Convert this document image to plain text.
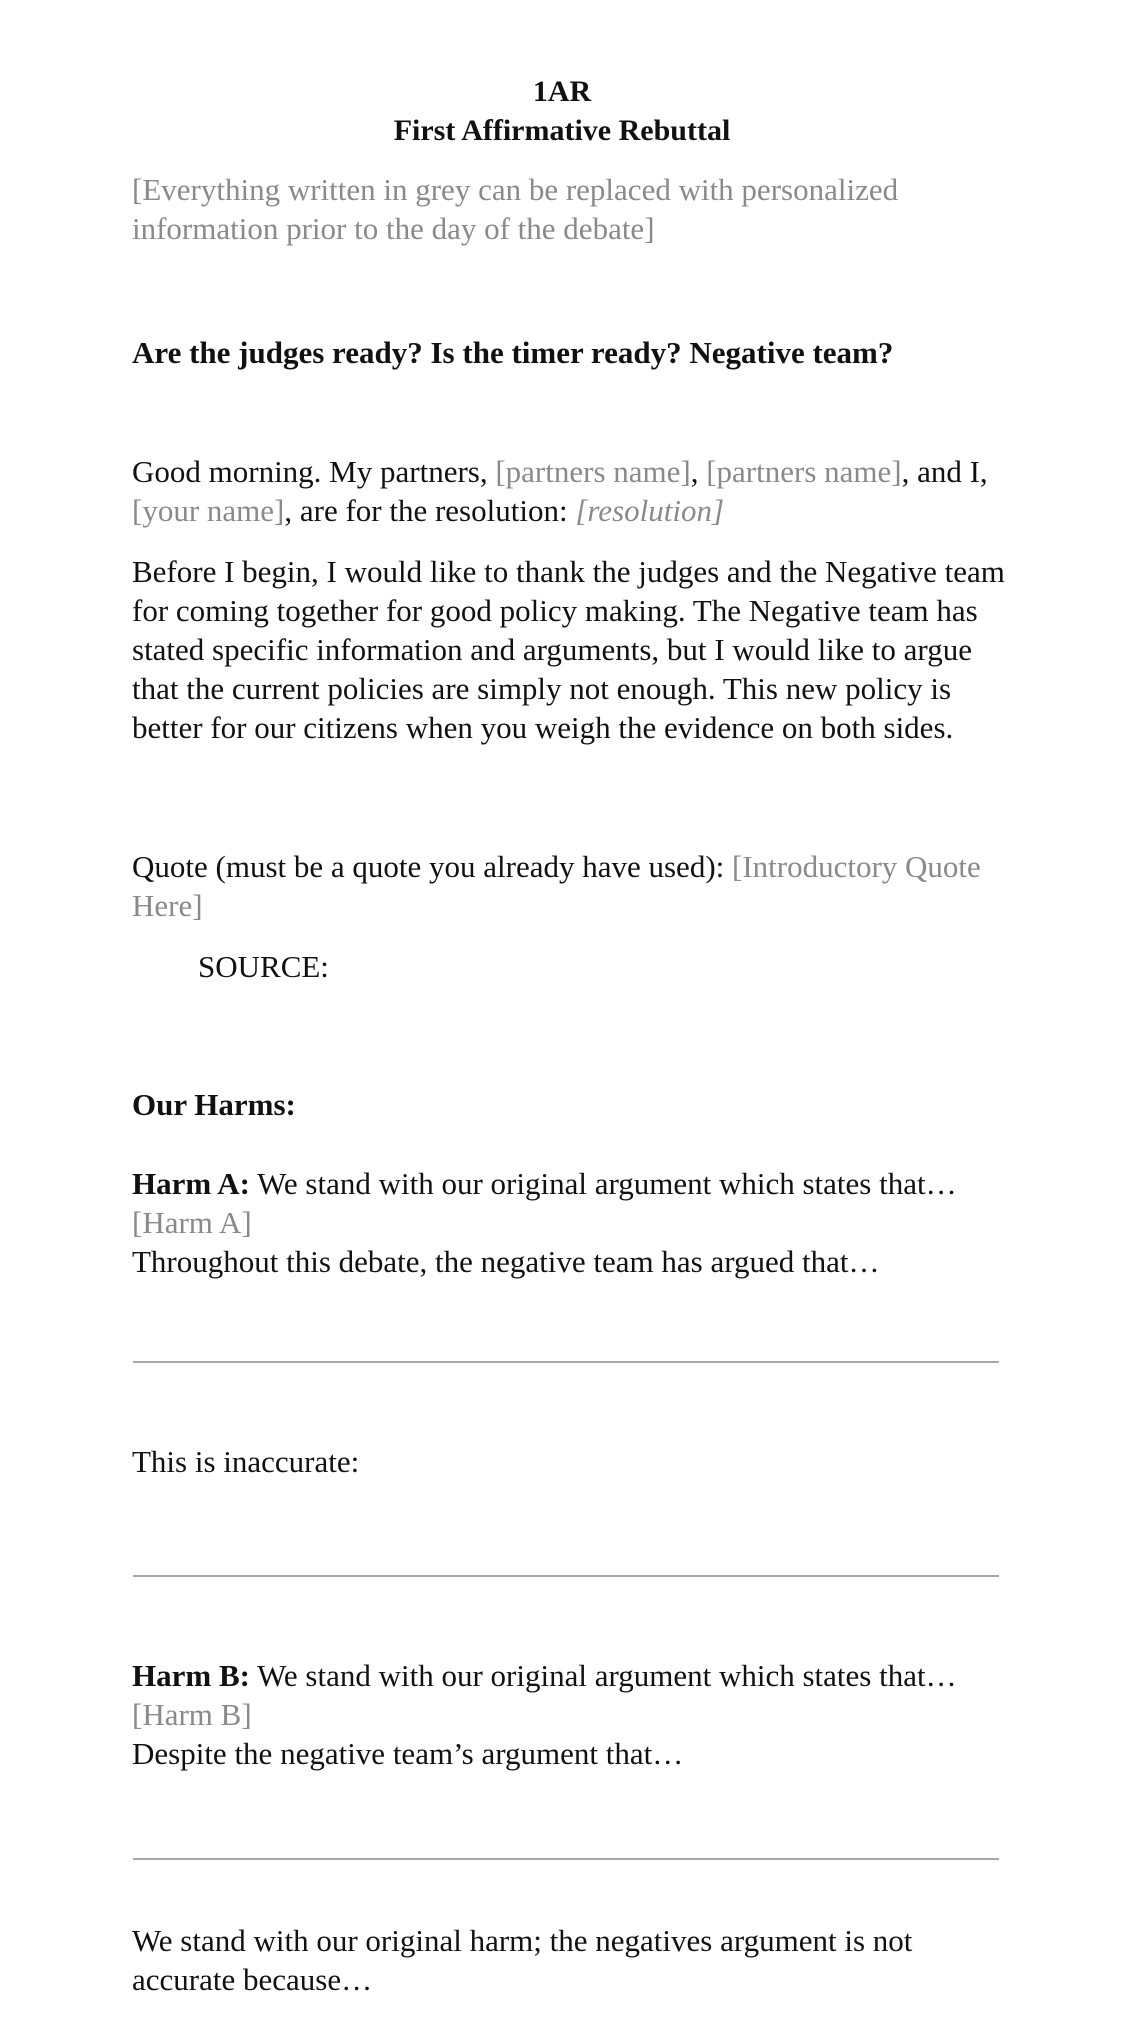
1AR
First Affirmative Rebuttal
[Everything written in grey can be replaced with personalized information prior to the day of the debate]
Are the judges ready? Is the timer ready? Negative team?
Good morning. My partners, [partners name], [partners name], and I, [your name], are for the resolution: [resolution]
Before I begin, I would like to thank the judges and the Negative team for coming together for good policy making. The Negative team has stated specific information and arguments, but I would like to argue that the current policies are simply not enough. This new policy is better for our citizens when you weigh the evidence on both sides.
Quote (must be a quote you already have used): [Introductory Quote Here]
SOURCE:
Our Harms:
Harm A: We stand with our original argument which states that… [Harm A]
Throughout this debate, the negative team has argued that…
This is inaccurate:
Harm B: We stand with our original argument which states that… [Harm B]
Despite the negative team’s argument that…
We stand with our original harm; the negatives argument is not accurate because…
